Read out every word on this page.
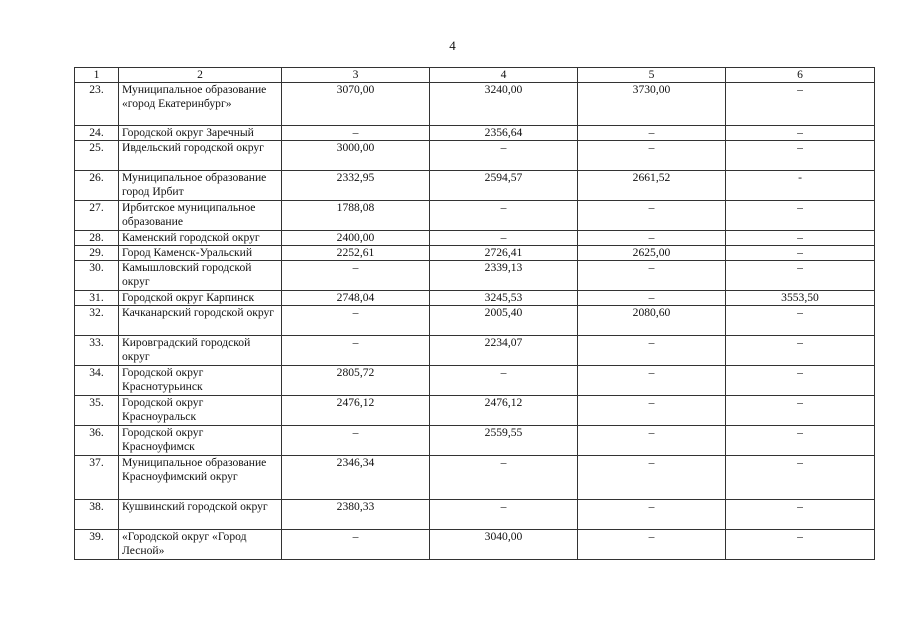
4
1	2	3	4	5	6
23.	Муниципальное образование «город Екатеринбург»	3070,00	3240,00	3730,00	–
24.	Городской округ Заречный	–	2356,64	–	–
25.	Ивдельский городской округ	3000,00	–	–	–
26.	Муниципальное образование город Ирбит	2332,95	2594,57	2661,52	-
27.	Ирбитское муниципальное образование	1788,08	–	–	–
28.	Каменский городской округ	2400,00	–	–	–
29.	Город Каменск-Уральский	2252,61	2726,41	2625,00	–
30.	Камышловский городской округ	–	2339,13	–	–
31.	Городской округ Карпинск	2748,04	3245,53	–	3553,50
32.	Качканарский городской округ	–	2005,40	2080,60	–
33.	Кировградский городской округ	–	2234,07	–	–
34.	Городской округ Краснотурьинск	2805,72	–	–	–
35.	Городской округ Красноуральск	2476,12	2476,12	–	–
36.	Городской округ Красноуфимск	–	2559,55	–	–
37.	Муниципальное образование Красноуфимский округ	2346,34	–	–	–
38.	Кушвинский городской округ	2380,33	–	–	–
39.	«Городской округ «Город Лесной»	–	3040,00	–	–
